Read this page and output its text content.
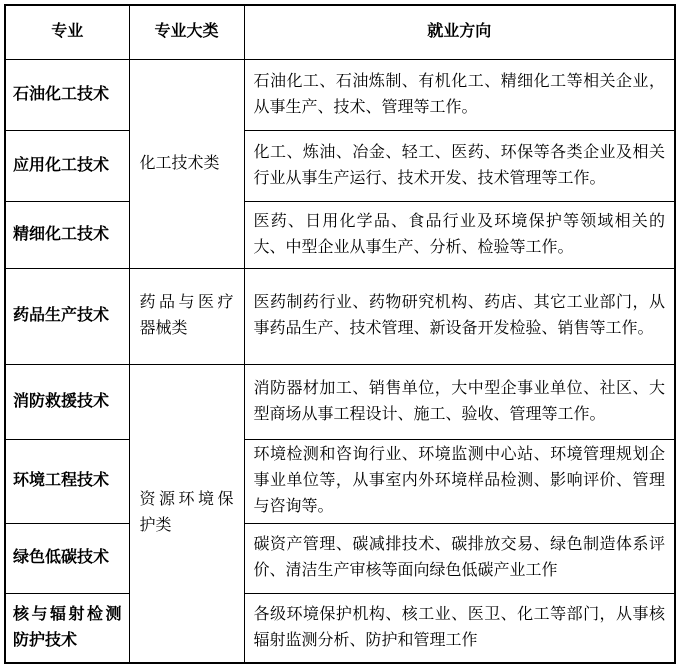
专业	专业大类	就业方向
石油化工技术	化工技术类	石油化工、石油炼制、有机化工、精细化工等相关企业，从事生产、技术、管理等工作。
应用化工技术		化工、炼油、冶金、轻工、医药、环保等各类企业及相关行业从事生产运行、技术开发、技术管理等工作。
精细化工技术		医药、日用化学品、食品行业及环境保护等领域相关的大、中型企业从事生产、分析、检验等工作。
药品生产技术	药品与医疗器械类	医药制药行业、药物研究机构、药店、其它工业部门，从事药品生产、技术管理、新设备开发检验、销售等工作。
消防救援技术	资源环境保护类	消防器材加工、销售单位，大中型企事业单位、社区、大型商场从事工程设计、施工、验收、管理等工作。
环境工程技术		环境检测和咨询行业、环境监测中心站、环境管理规划企事业单位等，从事室内外环境样品检测、影响评价、管理与咨询等。
绿色低碳技术		碳资产管理、碳减排技术、碳排放交易、绿色制造体系评价、清洁生产审核等面向绿色低碳产业工作
核与辐射检测防护技术		各级环境保护机构、核工业、医卫、化工等部门，从事核辐射监测分析、防护和管理工作
